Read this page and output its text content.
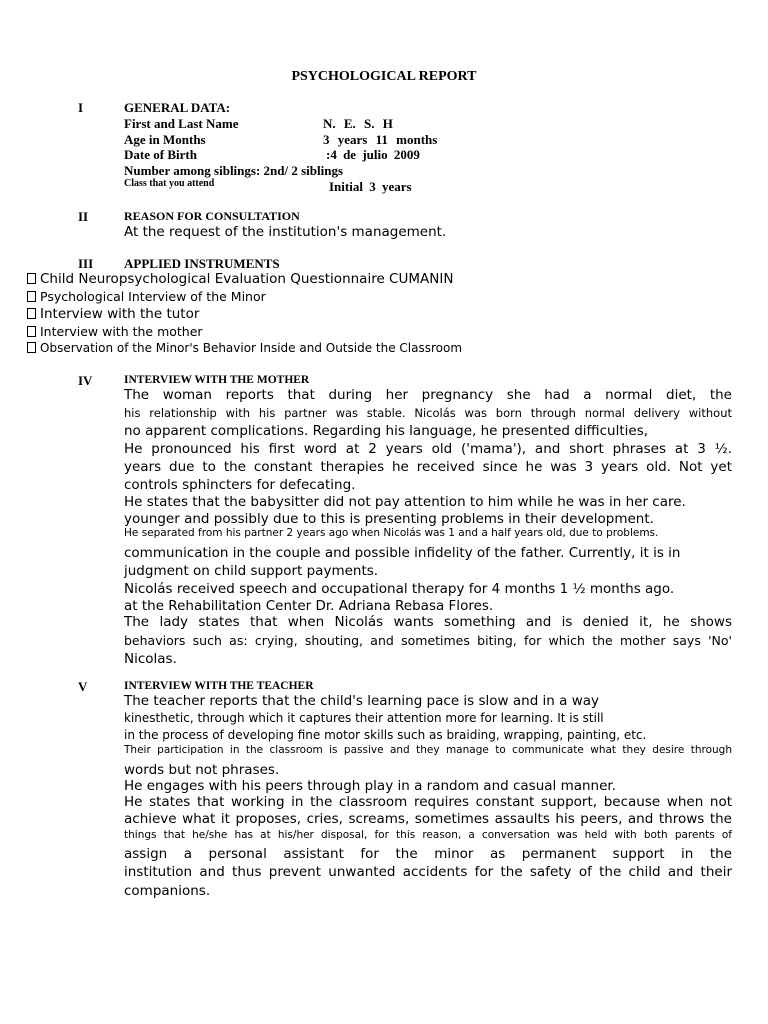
PSYCHOLOGICAL REPORT
I	GENERAL DATA:
First and Last Name	N. E. S. H
Age in Months	3 years 11 months
Date of Birth	:4 de julio 2009
Number among siblings: 2nd/ 2 siblings
Class that you attend	Initial 3 years
II	REASON FOR CONSULTATION
At the request of the institution's management.
III APPLIED INSTRUMENTS
Child Neuropsychological Evaluation Questionnaire CUMANIN
Psychological Interview of the Minor
Interview with the tutor
Interview with the mother
Observation of the Minor's Behavior Inside and Outside the Classroom
IV	INTERVIEW WITH THE MOTHER
The woman reports that during her pregnancy she had a normal diet, the
his relationship with his partner was stable. Nicolás was born through normal delivery without
no apparent complications. Regarding his language, he presented difficulties,
He pronounced his first word at 2 years old ('mama'), and short phrases at 3 ½.
years due to the constant therapies he received since he was 3 years old. Not yet
controls sphincters for defecating.
He states that the babysitter did not pay attention to him while he was in her care.
younger and possibly due to this is presenting problems in their development.
He separated from his partner 2 years ago when Nicolás was 1 and a half years old, due to problems.
communication in the couple and possible infidelity of the father. Currently, it is in
judgment on child support payments.
Nicolás received speech and occupational therapy for 4 months 1 ½ months ago.
at the Rehabilitation Center Dr. Adriana Rebasa Flores.
The lady states that when Nicolás wants something and is denied it, he shows
behaviors such as: crying, shouting, and sometimes biting, for which the mother says 'No'
Nicolas.
V	INTERVIEW WITH THE TEACHER
The teacher reports that the child's learning pace is slow and in a way
kinesthetic, through which it captures their attention more for learning. It is still
in the process of developing fine motor skills such as braiding, wrapping, painting, etc.
Their participation in the classroom is passive and they manage to communicate what they desire through
words but not phrases.
He engages with his peers through play in a random and casual manner.
He states that working in the classroom requires constant support, because when not
achieve what it proposes, cries, screams, sometimes assaults his peers, and throws the
things that he/she has at his/her disposal, for this reason, a conversation was held with both parents of
assign a personal assistant for the minor as permanent support in the
institution and thus prevent unwanted accidents for the safety of the child and their
companions.
